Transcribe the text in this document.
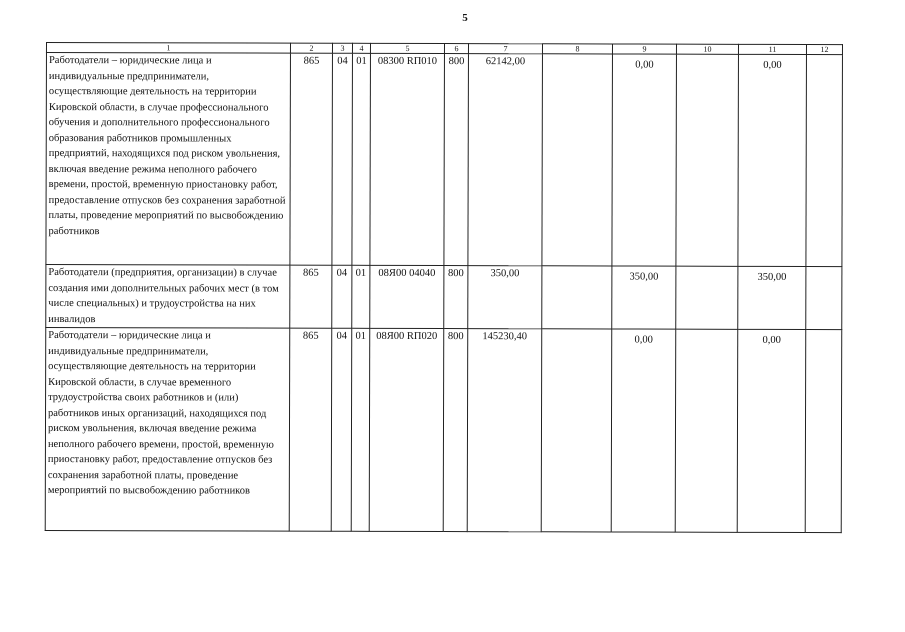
5
1	2	3	4	5	6	7	8	9	10	11	12
Работодатели – юридические лица и индивидуальные предприниматели, осуществляющие деятельность на территории Кировской области, в случае профессионального обучения и дополнительного профессионального образования работников промышленных предприятий, находящихся под риском увольнения, включая введение режима неполного рабочего времени, простой, временную приостановку работ, предоставление отпусков без сохранения заработной платы, проведение мероприятий по высвобождению работников	865	04	01	08300 RП010	800	62142,00		0,00		0,00	

Работодатели (предприятия, организации) в случае создания ими дополнительных рабочих мест (в том числе специальных) и трудоустройства на них инвалидов	865	04	01	08Я00 04040	800	350,00		350,00		350,00	

Работодатели – юридические лица и индивидуальные предприниматели, осуществляющие деятельность на территории Кировской области, в случае временного трудоустройства своих работников и (или) работников иных организаций, находящихся под риском увольнения, включая введение режима неполного рабочего времени, простой, временную приостановку работ, предоставление отпусков без сохранения заработной платы, проведение мероприятий по высвобождению работников	865	04	01	08Я00 RП020	800	145230,40		0,00		0,00	
